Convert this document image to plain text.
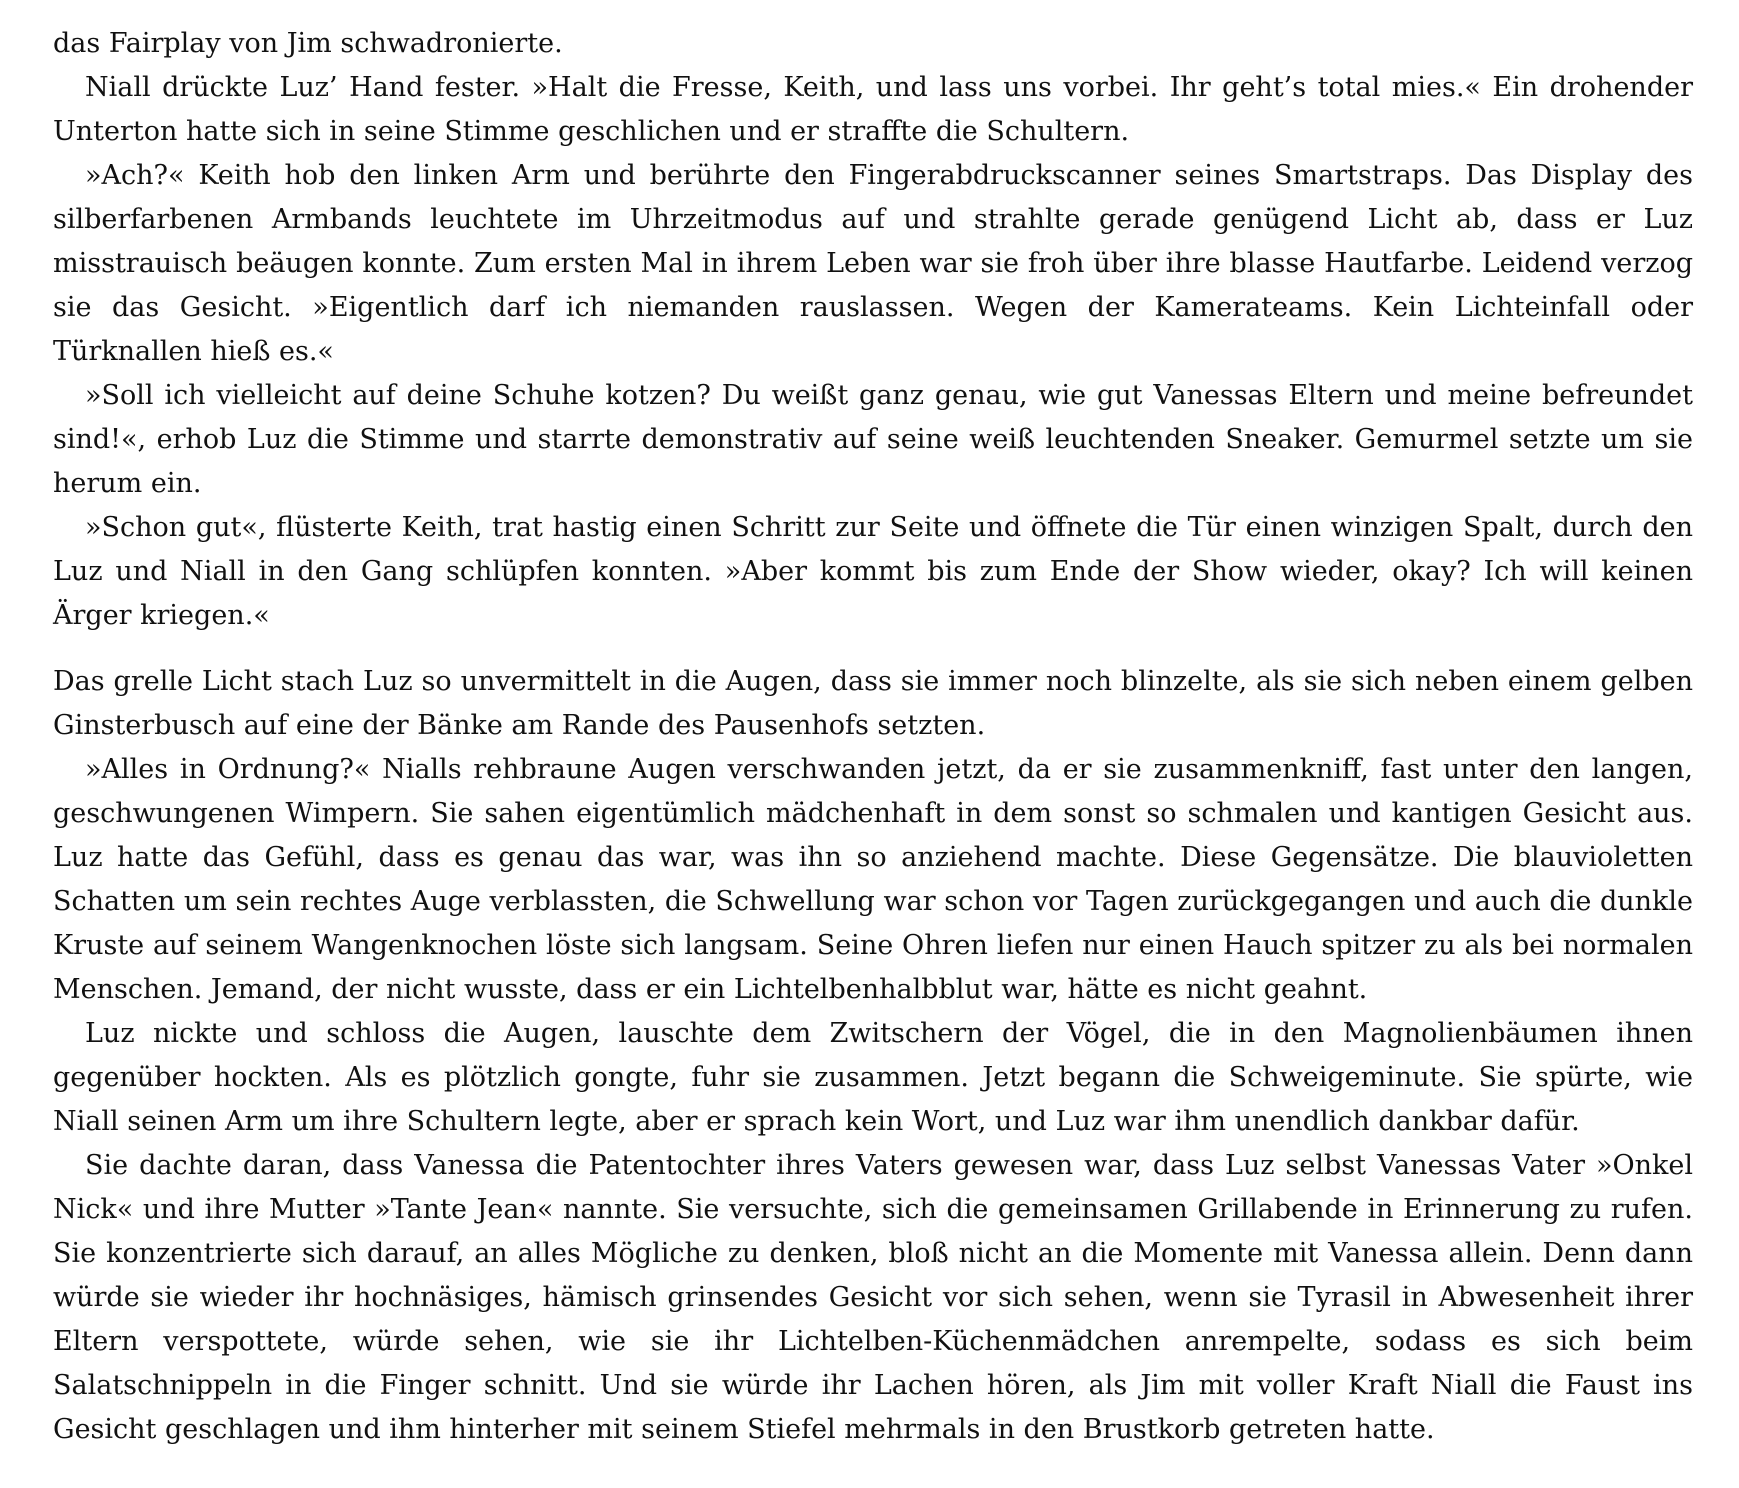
das Fairplay von Jim schwadronierte.

Niall drückte Luz’ Hand fester. »Halt die Fresse, Keith, und lass uns vorbei. Ihr geht’s total mies.« Ein drohender Unterton hatte sich in seine Stimme geschlichen und er straffte die Schultern.

»Ach?« Keith hob den linken Arm und berührte den Fingerabdruckscanner seines Smartstraps. Das Display des silberfarbenen Armbands leuchtete im Uhrzeitmodus auf und strahlte gerade genügend Licht ab, dass er Luz misstrauisch beäugen konnte. Zum ersten Mal in ihrem Leben war sie froh über ihre blasse Hautfarbe. Leidend verzog sie das Gesicht. »Eigentlich darf ich niemanden rauslassen. Wegen der Kamerateams. Kein Lichteinfall oder Türknallen hieß es.«

»Soll ich vielleicht auf deine Schuhe kotzen? Du weißt ganz genau, wie gut Vanessas Eltern und meine befreundet sind!«, erhob Luz die Stimme und starrte demonstrativ auf seine weiß leuchtenden Sneaker. Gemurmel setzte um sie herum ein.

»Schon gut«, flüsterte Keith, trat hastig einen Schritt zur Seite und öffnete die Tür einen winzigen Spalt, durch den Luz und Niall in den Gang schlüpfen konnten. »Aber kommt bis zum Ende der Show wieder, okay? Ich will keinen Ärger kriegen.«

Das grelle Licht stach Luz so unvermittelt in die Augen, dass sie immer noch blinzelte, als sie sich neben einem gelben Ginsterbusch auf eine der Bänke am Rande des Pausenhofs setzten.

»Alles in Ordnung?« Nialls rehbraune Augen verschwanden jetzt, da er sie zusammenkniff, fast unter den langen, geschwungenen Wimpern. Sie sahen eigentümlich mädchenhaft in dem sonst so schmalen und kantigen Gesicht aus. Luz hatte das Gefühl, dass es genau das war, was ihn so anziehend machte. Diese Gegensätze. Die blauvioletten Schatten um sein rechtes Auge verblassten, die Schwellung war schon vor Tagen zurückgegangen und auch die dunkle Kruste auf seinem Wangenknochen löste sich langsam. Seine Ohren liefen nur einen Hauch spitzer zu als bei normalen Menschen. Jemand, der nicht wusste, dass er ein Lichtelbenhalbblut war, hätte es nicht geahnt.

Luz nickte und schloss die Augen, lauschte dem Zwitschern der Vögel, die in den Magnolienbäumen ihnen gegenüber hockten. Als es plötzlich gongte, fuhr sie zusammen. Jetzt begann die Schweigeminute. Sie spürte, wie Niall seinen Arm um ihre Schultern legte, aber er sprach kein Wort, und Luz war ihm unendlich dankbar dafür.

Sie dachte daran, dass Vanessa die Patentochter ihres Vaters gewesen war, dass Luz selbst Vanessas Vater »Onkel Nick« und ihre Mutter »Tante Jean« nannte. Sie versuchte, sich die gemeinsamen Grillabende in Erinnerung zu rufen. Sie konzentrierte sich darauf, an alles Mögliche zu denken, bloß nicht an die Momente mit Vanessa allein. Denn dann würde sie wieder ihr hochnäsiges, hämisch grinsendes Gesicht vor sich sehen, wenn sie Tyrasil in Abwesenheit ihrer Eltern verspottete, würde sehen, wie sie ihr Lichtelben-Küchenmädchen anrempelte, sodass es sich beim Salatschnippeln in die Finger schnitt. Und sie würde ihr Lachen hören, als Jim mit voller Kraft Niall die Faust ins Gesicht geschlagen und ihm hinterher mit seinem Stiefel mehrmals in den Brustkorb getreten hatte.
